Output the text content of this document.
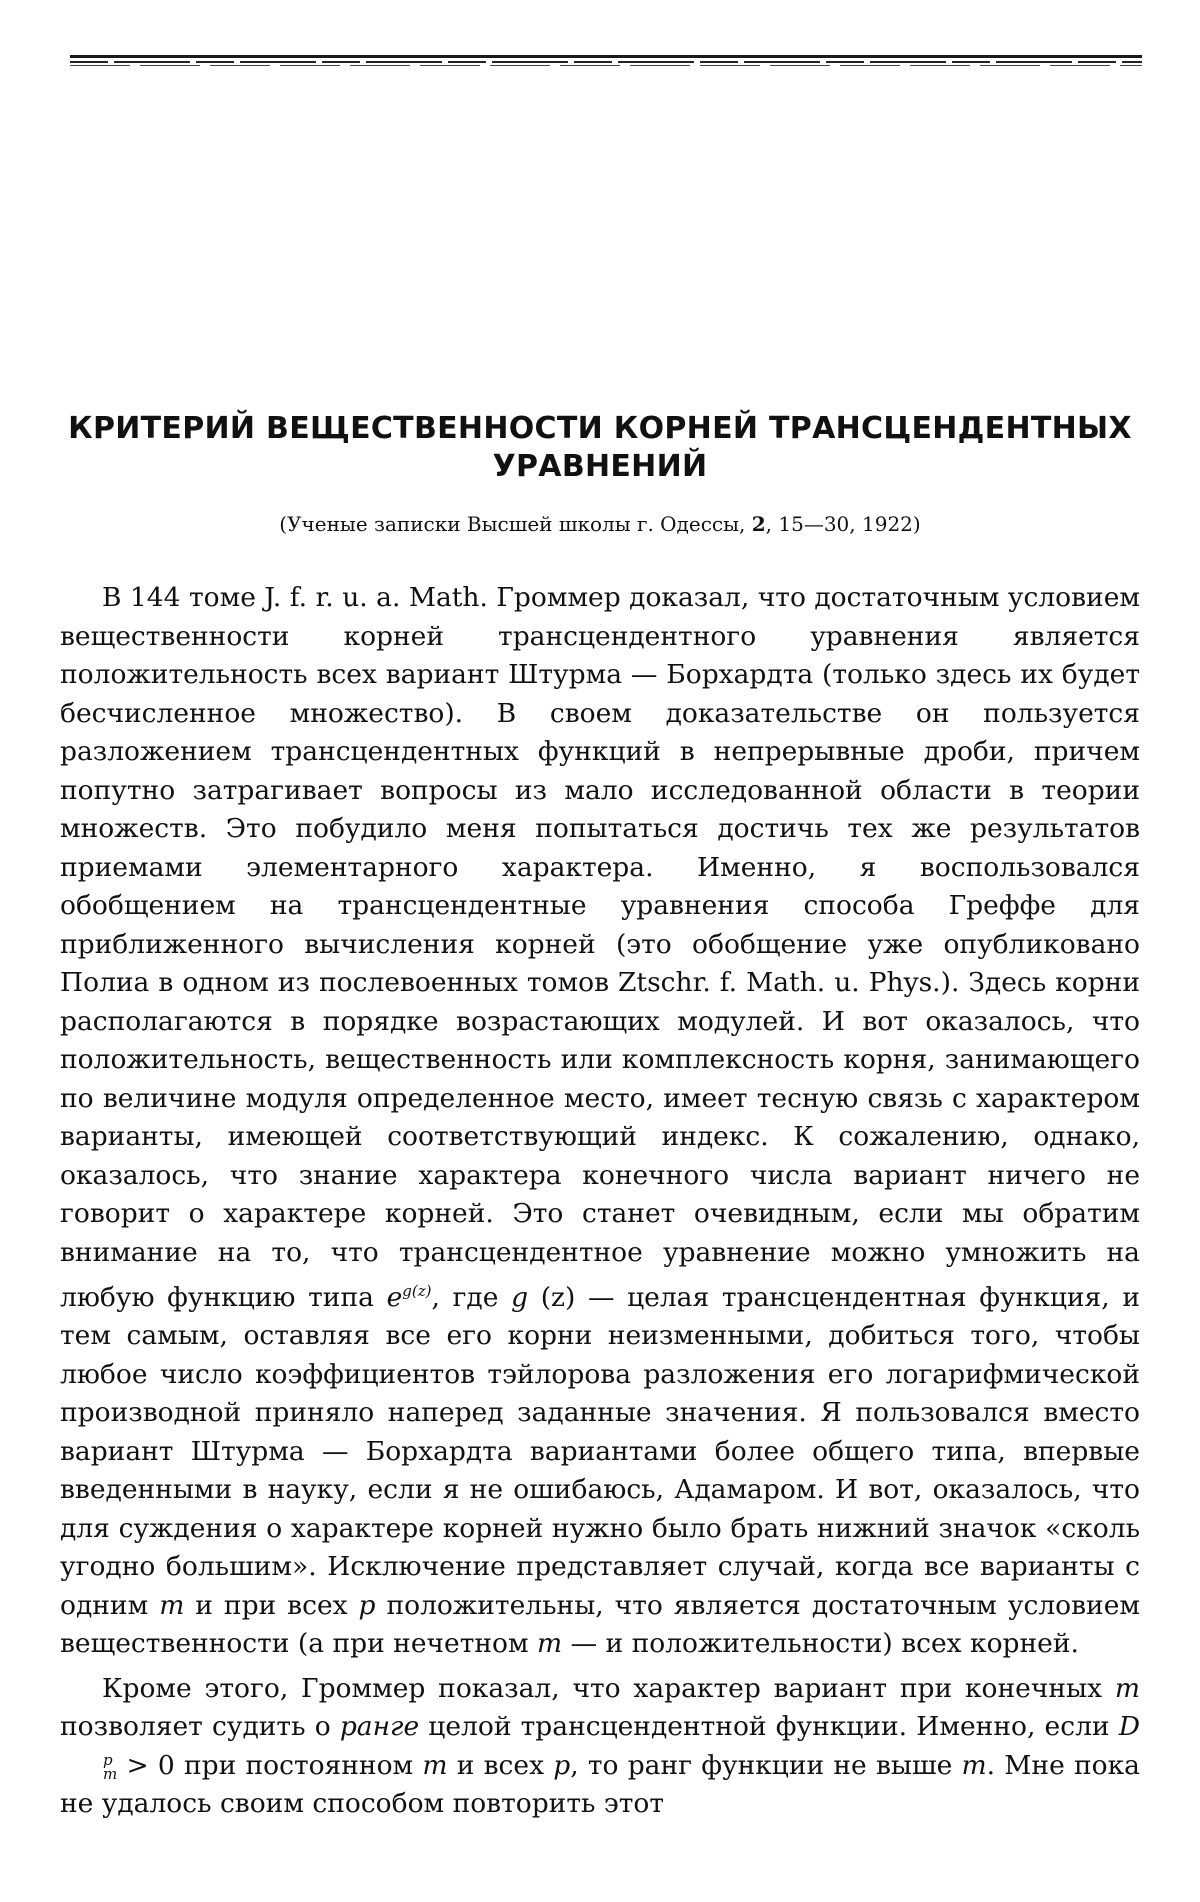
КРИТЕРИЙ ВЕЩЕСТВЕННОСТИ КОРНЕЙ ТРАНСЦЕНДЕНТНЫХ
УРАВНЕНИЙ
(Ученые записки Высшей школы г. Одессы, 2, 15—30, 1922)

В 144 томе J. f. r. u. a. Math. Громмер доказал, что достаточным условием вещественности корней трансцендентного уравнения является положительность всех вариант Штурма — Борхардта (только здесь их будет бесчисленное множество). В своем доказательстве он пользуется разложением трансцендентных функций в непрерывные дроби, причем попутно затрагивает вопросы из мало исследованной области в теории множеств. Это побудило меня попытаться достичь тех же результатов приемами элементарного характера. Именно, я воспользовался обобщением на трансцендентные уравнения способа Греффе для приближенного вычисления корней (это обобщение уже опубликовано Полиа в одном из послевоенных томов Ztschr. f. Math. u. Phys.). Здесь корни располагаются в порядке возрастающих модулей. И вот оказалось, что положительность, вещественность или комплексность корня, занимающего по величине модуля определенное место, имеет тесную связь с характером варианты, имеющей соответствующий индекс. К сожалению, однако, оказалось, что знание характера конечного числа вариант ничего не говорит о характере корней. Это станет очевидным, если мы обратим внимание на то, что трансцендентное уравнение можно умножить на любую функцию типа $e^{g(z)}$, где g (z) — целая трансцендентная функция, и тем самым, оставляя все его корни неизменными, добиться того, чтобы любое число коэффициентов тэйлорова разложения его логарифмической производной приняло наперед заданные значения. Я пользовался вместо вариант Штурма — Борхардта вариантами более общего типа, впервые введенными в науку, если я не ошибаюсь, Адамаром. И вот, оказалось, что для суждения о характере корней нужно было брать нижний значок «сколь угодно большим». Исключение представляет случай, когда все варианты с одним m и при всех p положительны, что является достаточным условием вещественности (а при нечетном m — и положительности) всех корней.

Кроме этого, Громмер показал, что характер вариант при конечных m позволяет судить о ранге целой трансцендентной функции. Именно, если D
p
m > 0 при постоянном m и всех p, то ранг функции не выше m. Мне пока не удалось своим способом повторить этот
